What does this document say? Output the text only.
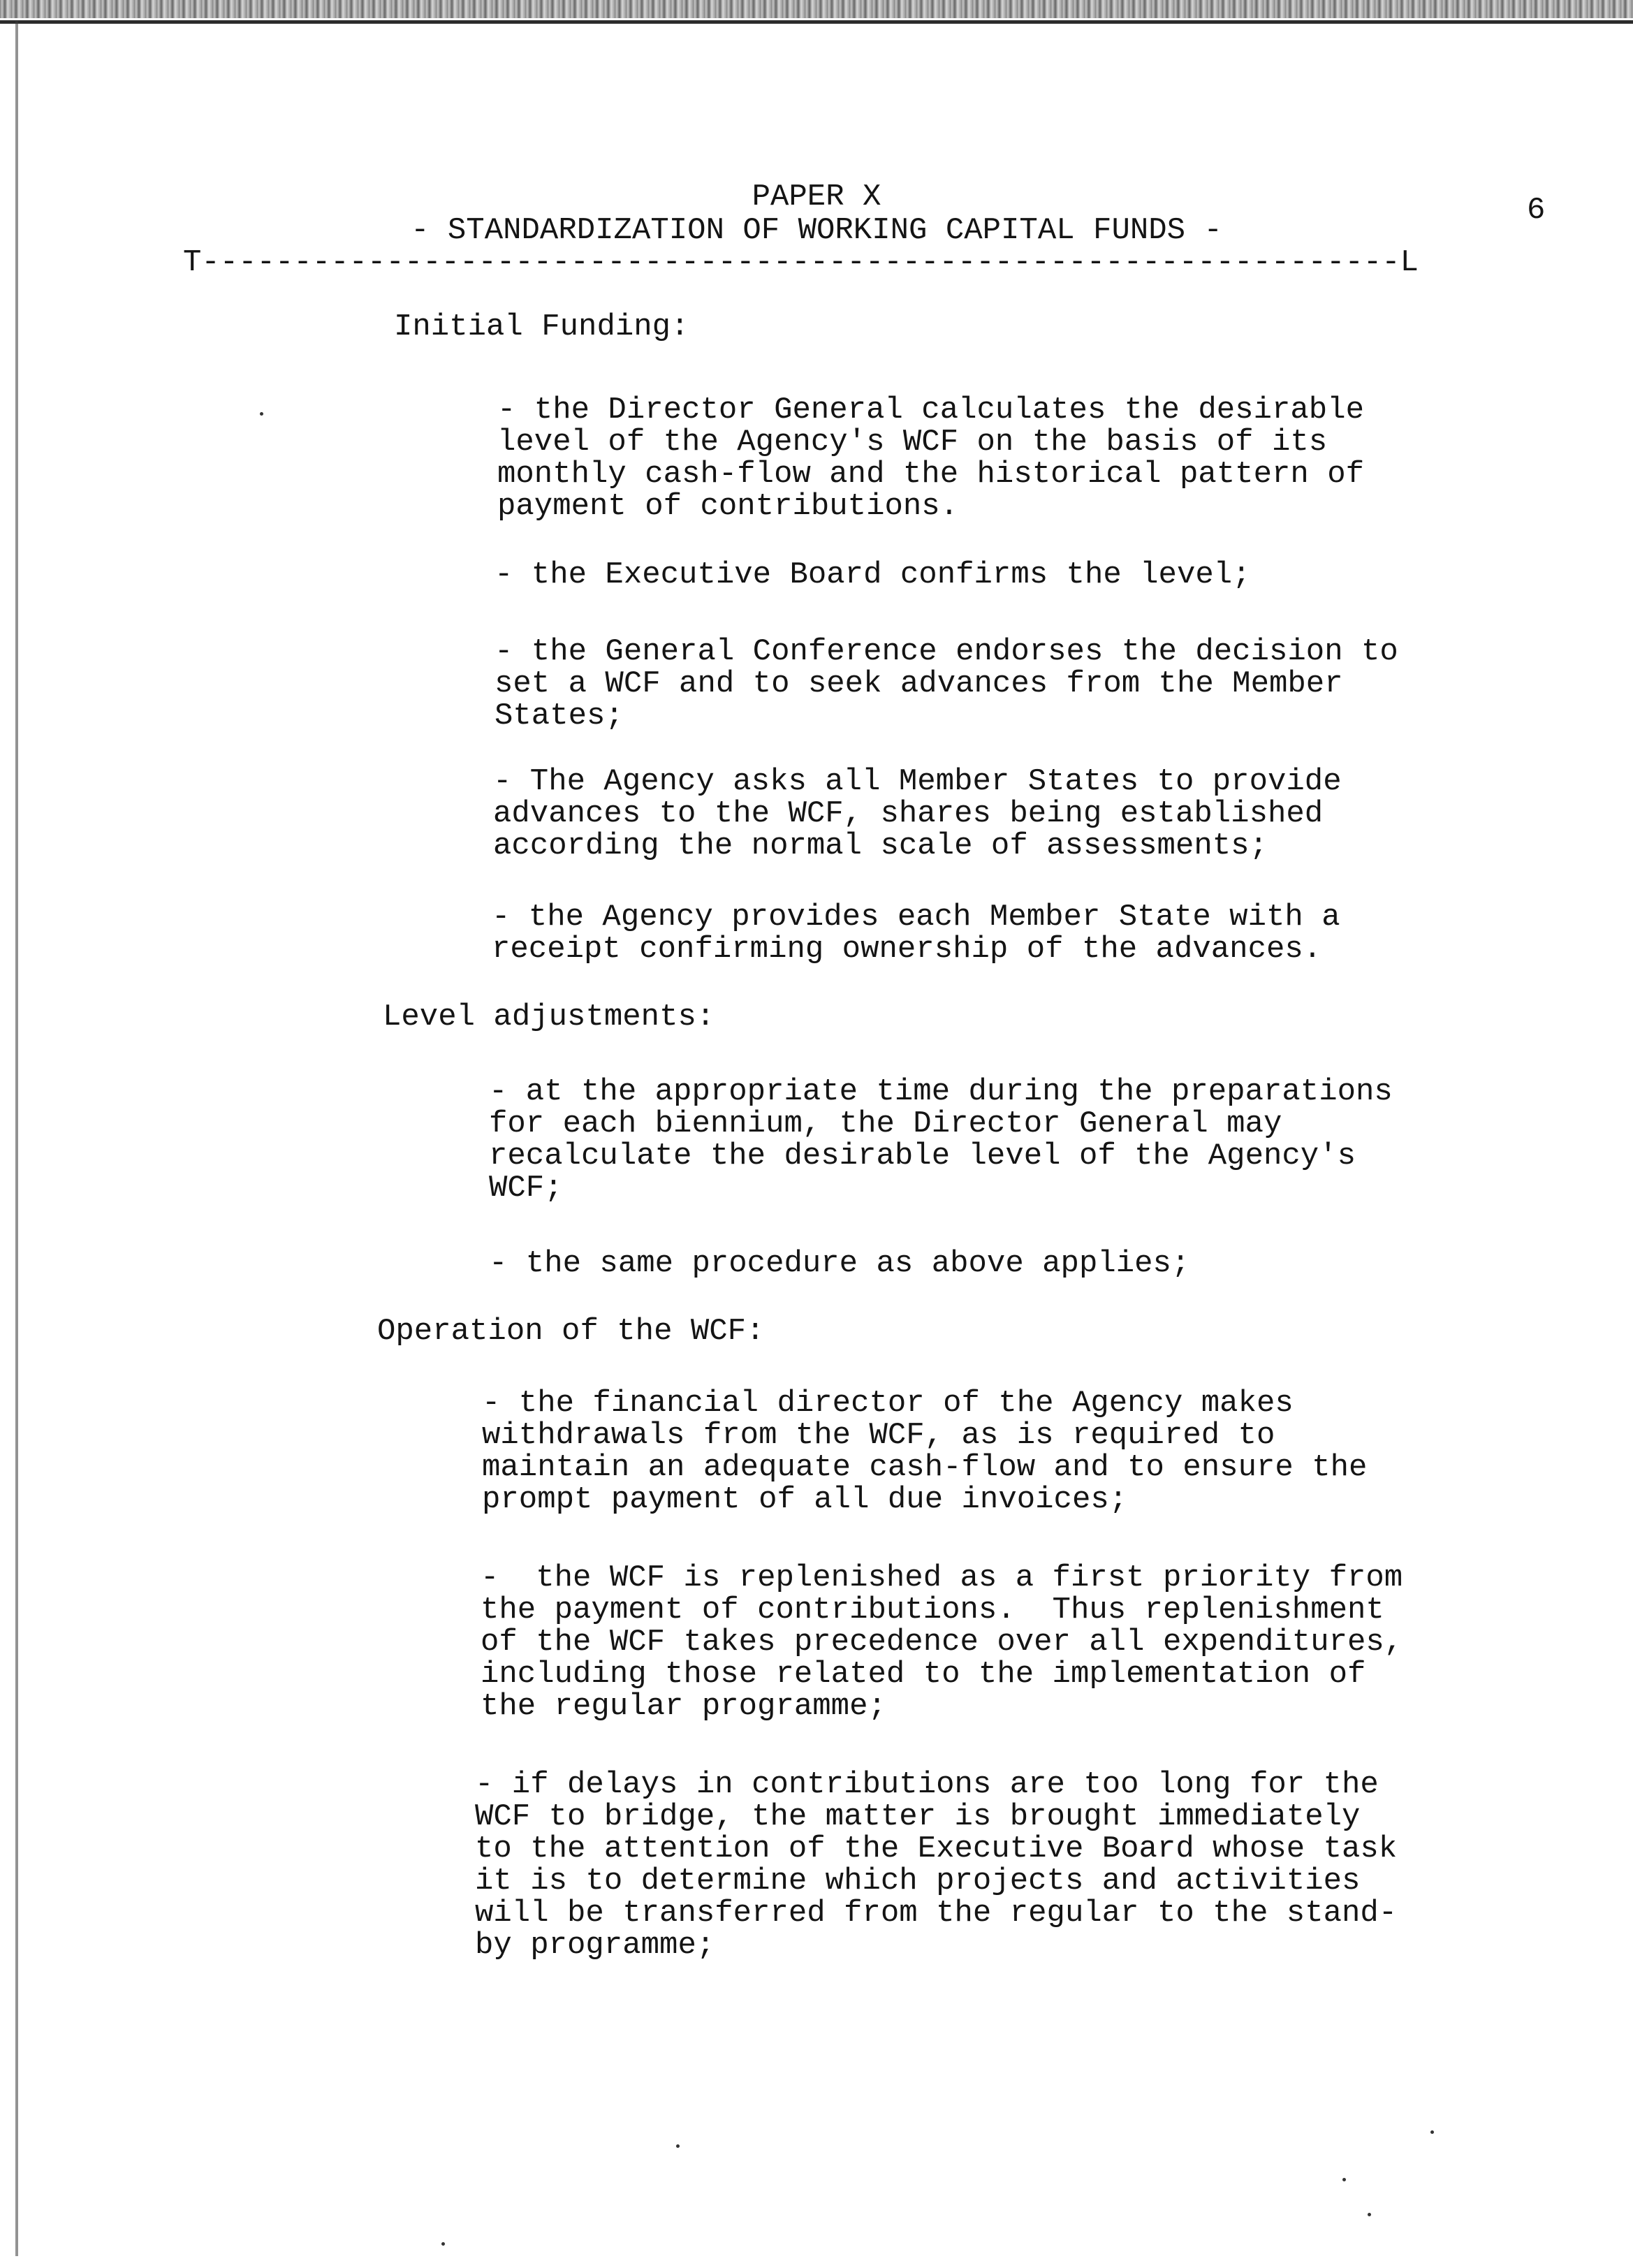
PAPER X
- STANDARDIZATION OF WORKING CAPITAL FUNDS -
6
T-----------------------------------------------------------------L
Initial Funding:
- the Director General calculates the desirable
level of the Agency's WCF on the basis of its
monthly cash-flow and the historical pattern of
payment of contributions.
- the Executive Board confirms the level;
- the General Conference endorses the decision to
set a WCF and to seek advances from the Member
States;
- The Agency asks all Member States to provide
advances to the WCF, shares being established
according the normal scale of assessments;
- the Agency provides each Member State with a
receipt confirming ownership of the advances.
Level adjustments:
- at the appropriate time during the preparations
for each biennium, the Director General may
recalculate the desirable level of the Agency's
WCF;
- the same procedure as above applies;
Operation of the WCF:
- the financial director of the Agency makes
withdrawals from the WCF, as is required to
maintain an adequate cash-flow and to ensure the
prompt payment of all due invoices;
-  the WCF is replenished as a first priority from
the payment of contributions.  Thus replenishment
of the WCF takes precedence over all expenditures,
including those related to the implementation of
the regular programme;
- if delays in contributions are too long for the
WCF to bridge, the matter is brought immediately
to the attention of the Executive Board whose task
it is to determine which projects and activities
will be transferred from the regular to the stand-
by programme;
